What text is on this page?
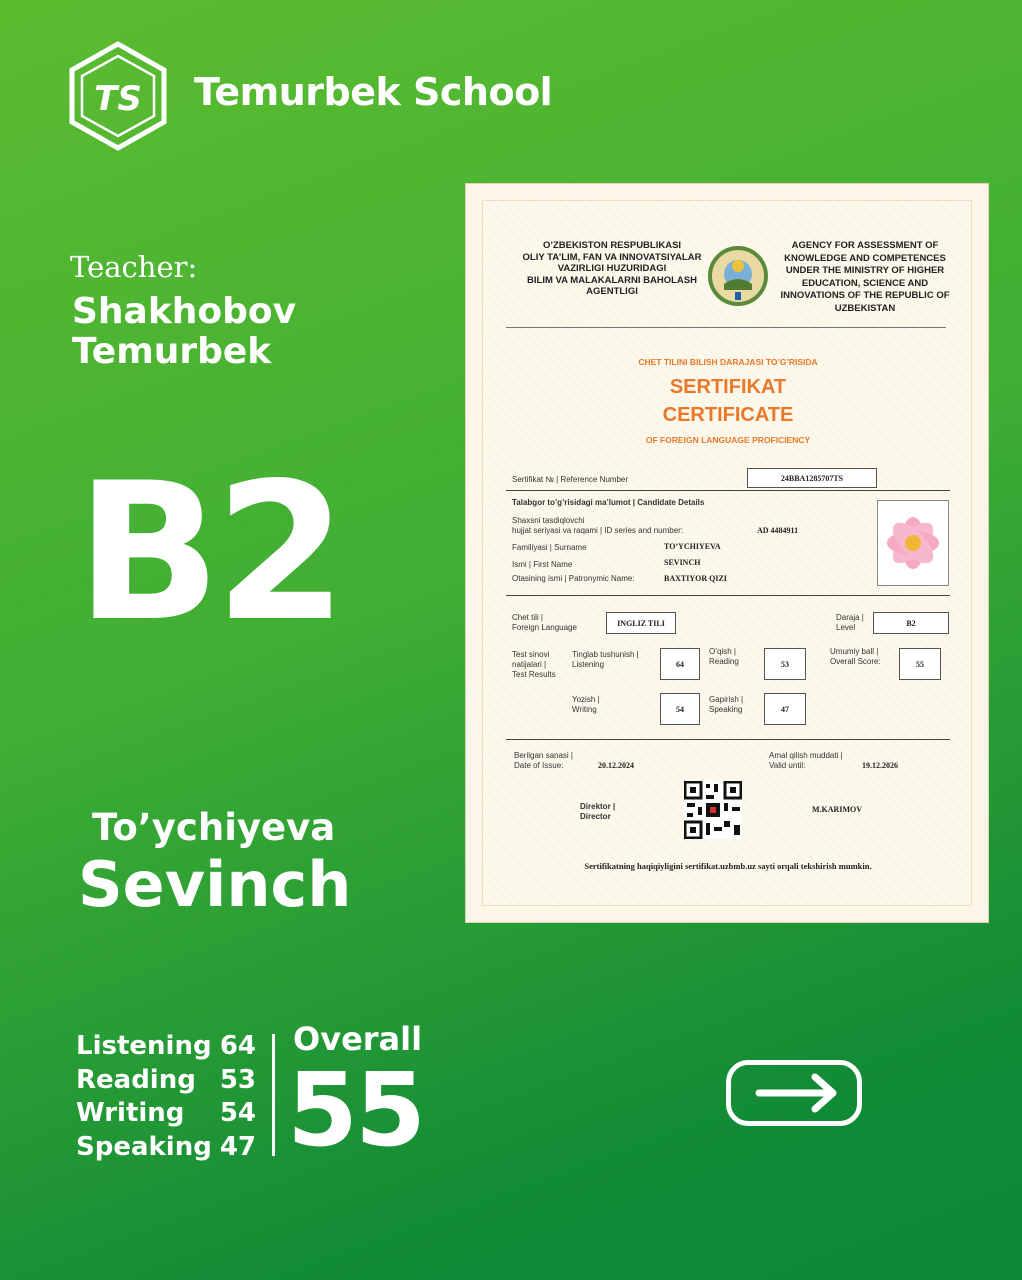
TS Temurbek School
Teacher:
Shakhobov
Temurbek
B2
To’ychiyeva
Sevinch
Listening 64
Reading 53
Writing 54
Speaking 47
Overall
55
O’ZBEKISTON RESPUBLIKASI
OLIY TA’LIM, FAN VA INNOVATSIYALAR
VAZIRLIGI HUZURIDAGI
BILIM VA MALAKALARNI BAHOLASH
AGENTLIGI
AGENCY FOR ASSESSMENT OF
KNOWLEDGE AND COMPETENCES
UNDER THE MINISTRY OF HIGHER
EDUCATION, SCIENCE AND
INNOVATIONS OF THE REPUBLIC OF
UZBEKISTAN
CHET TILINI BILISH DARAJASI TO’G’RISIDA
SERTIFIKAT
CERTIFICATE
OF FOREIGN LANGUAGE PROFICIENCY
Sertifikat № | Reference Number	24BBA1285707TS
Talabgor to’g’risidagi ma’lumot | Candidate Details
Shaxsni tasdiqlovchi
hujjat seriyasi va raqami | ID series and number:	AD 4484911
Familiyasi | Surname	TO’YCHIYEVA
Ismi | First Name	SEVINCH
Otasining ismi | Patronymic Name:	BAXTIYOR QIZI
Chet tili |
Foreign Language	INGLIZ TILI
Daraja |
Level	B2
Test sinovi
natijalari |
Test Results
Tinglab tushunish |
Listening	64
O’qish |
Reading	53
Umumiy ball |
Overall Score:	55
Yozish |
Writing	54
Gapirish |
Speaking	47
Berilgan sanasi |
Date of Issue:	20.12.2024
Amal qilish muddati |
Valid until:	19.12.2026
Direktor |
Director
M.KARIMOV
Sertifikatning haqiqiyligini sertifikat.uzbmb.uz sayti orqali tekshirish mumkin.
